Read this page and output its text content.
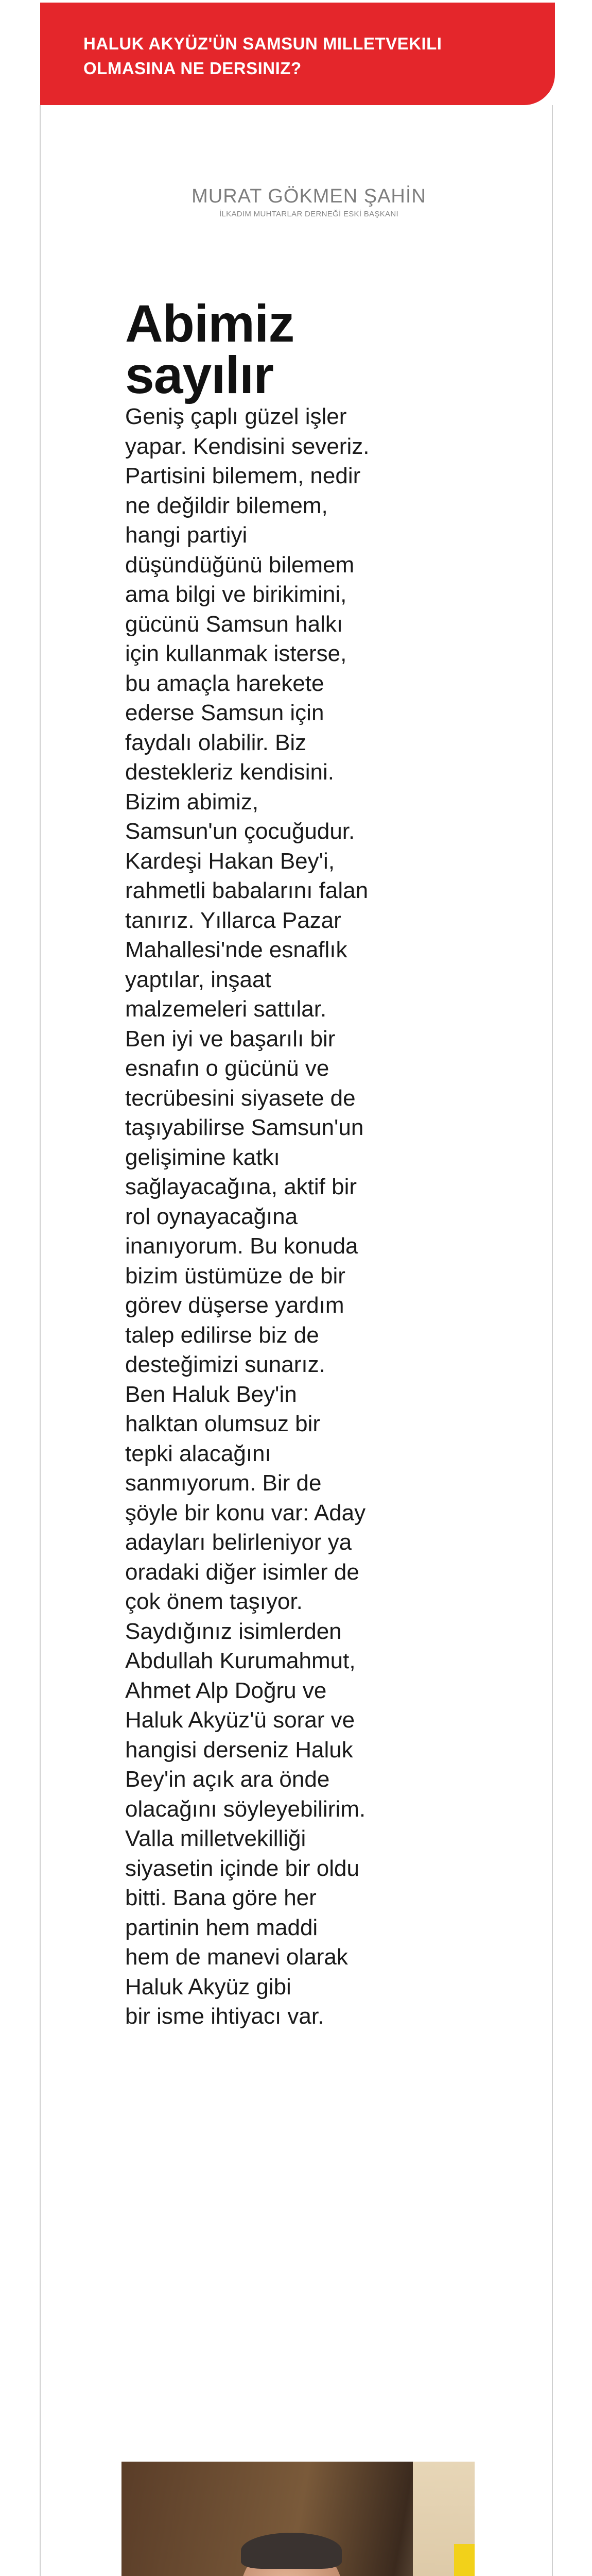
HALUK AKYÜZ'ÜN SAMSUN MILLETVEKILI
OLMASINA NE DERSINIZ?
MURAT GÖKMEN ŞAHİN
İLKADIM MUHTARLAR DERNEĞİ ESKİ BAŞKANI
Abimiz
sayılır
Geniş çaplı güzel işler
yapar. Kendisini severiz.
Partisini bilemem, nedir
ne değildir bilemem,
hangi partiyi
düşündüğünü bilemem
ama bilgi ve birikimini,
gücünü Samsun halkı
için kullanmak isterse,
bu amaçla harekete
ederse Samsun için
faydalı olabilir. Biz
destekleriz kendisini.
Bizim abimiz,
Samsun'un çocuğudur.
Kardeşi Hakan Bey'i,
rahmetli babalarını falan
tanırız. Yıllarca Pazar
Mahallesi'nde esnaflık
yaptılar, inşaat
malzemeleri sattılar.
Ben iyi ve başarılı bir
esnafın o gücünü ve
tecrübesini siyasete de
taşıyabilirse Samsun'un
gelişimine katkı
sağlayacağına, aktif bir
rol oynayacağına
inanıyorum. Bu konuda
bizim üstümüze de bir
görev düşerse yardım
talep edilirse biz de
desteğimizi sunarız.
Ben Haluk Bey'in
halktan olumsuz bir
tepki alacağını
sanmıyorum. Bir de
şöyle bir konu var: Aday
adayları belirleniyor ya
oradaki diğer isimler de
çok önem taşıyor.
Saydığınız isimlerden
Abdullah Kurumahmut,
Ahmet Alp Doğru ve
Haluk Akyüz'ü sorar ve
hangisi derseniz Haluk
Bey'in açık ara önde
olacağını söyleyebilirim.
Valla milletvekilliği
siyasetin içinde bir oldu
bitti. Bana göre her
partinin hem maddi
hem de manevi olarak
Haluk Akyüz gibi
bir isme ihtiyacı var.
